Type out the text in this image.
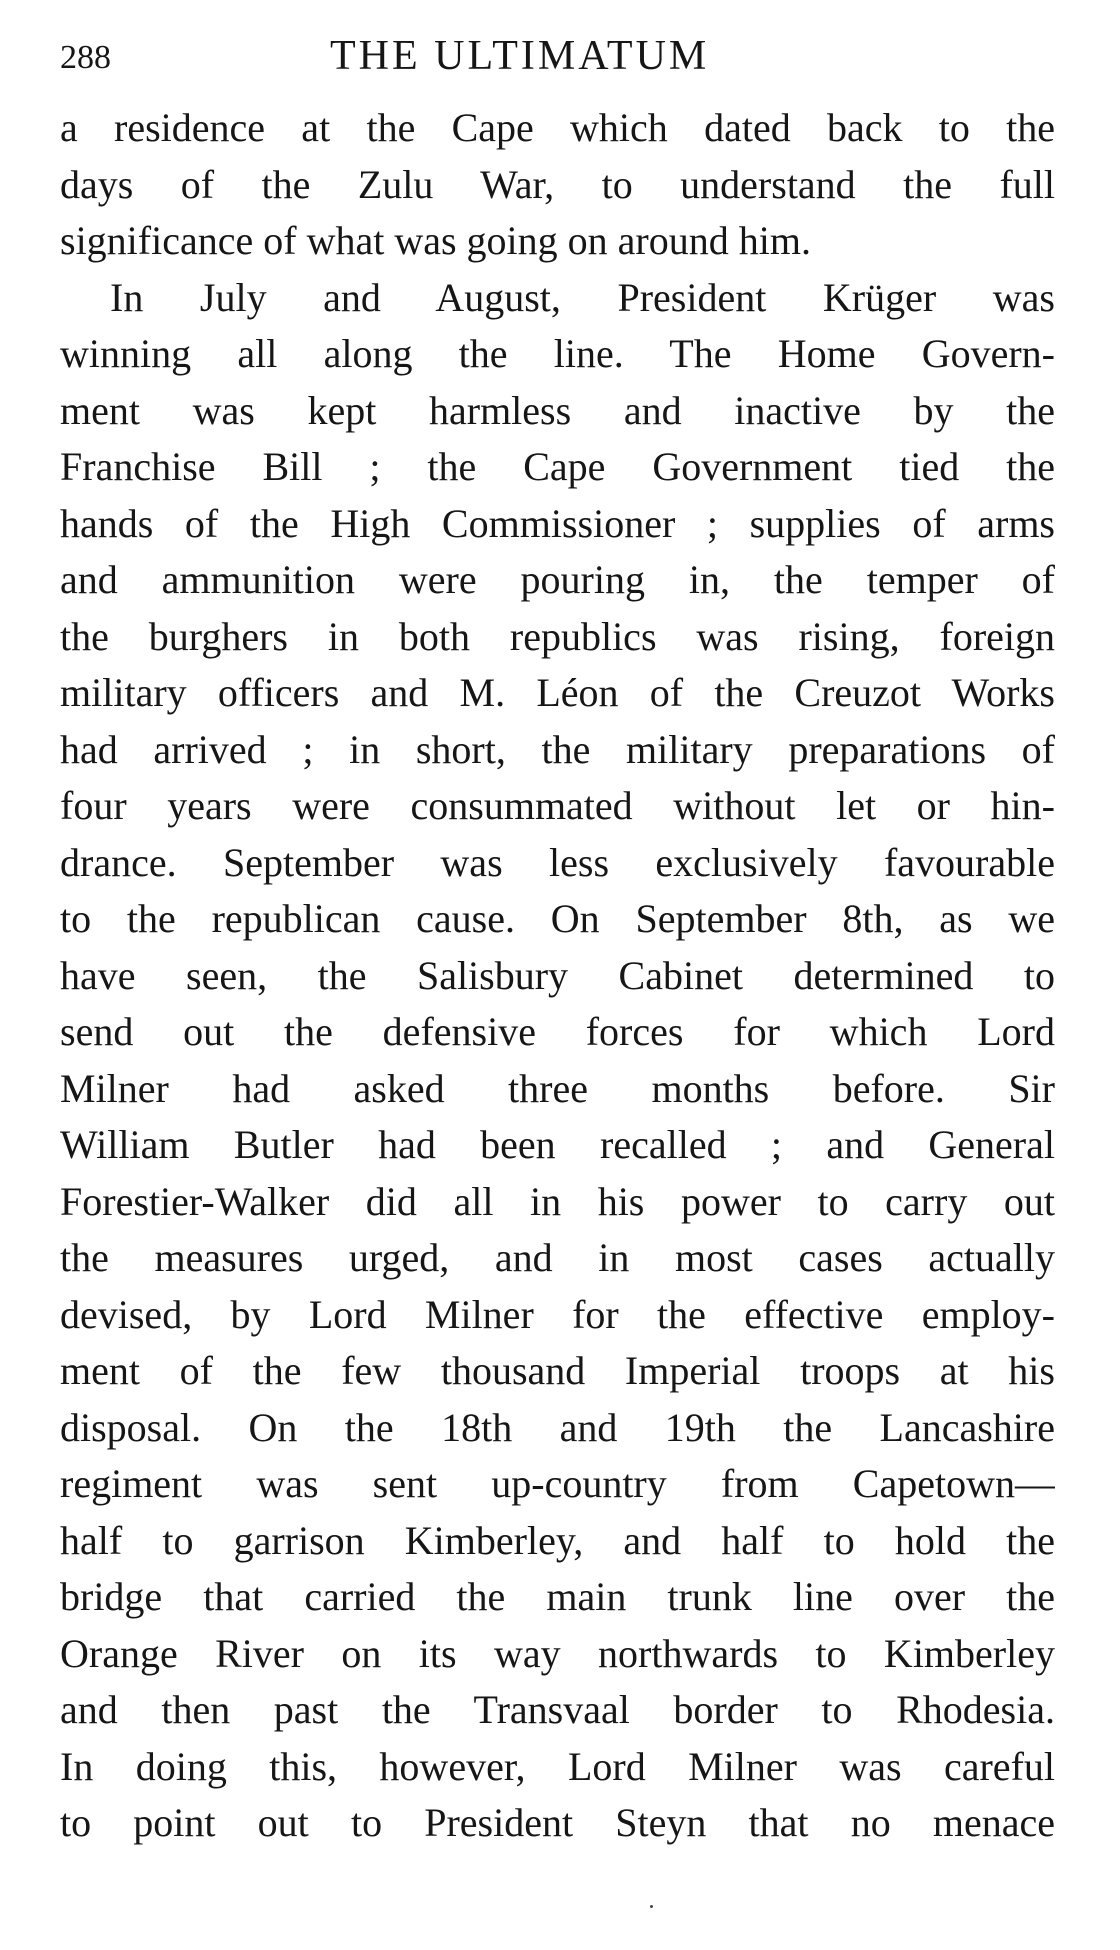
288	THE ULTIMATUM
a residence at the Cape which dated back to the
days of the Zulu War, to understand the full
significance of what was going on around him.
In July and August, President Krüger was
winning all along the line. The Home Govern-
ment was kept harmless and inactive by the
Franchise Bill ; the Cape Government tied the
hands of the High Commissioner ; supplies of arms
and ammunition were pouring in, the temper of
the burghers in both republics was rising, foreign
military officers and M. Léon of the Creuzot Works
had arrived ; in short, the military preparations of
four years were consummated without let or hin-
drance. September was less exclusively favourable
to the republican cause. On September 8th, as we
have seen, the Salisbury Cabinet determined to
send out the defensive forces for which Lord
Milner had asked three months before. Sir
William Butler had been recalled ; and General
Forestier-Walker did all in his power to carry out
the measures urged, and in most cases actually
devised, by Lord Milner for the effective employ-
ment of the few thousand Imperial troops at his
disposal. On the 18th and 19th the Lancashire
regiment was sent up-country from Capetown—
half to garrison Kimberley, and half to hold the
bridge that carried the main trunk line over the
Orange River on its way northwards to Kimberley
and then past the Transvaal border to Rhodesia.
In doing this, however, Lord Milner was careful
to point out to President Steyn that no menace
